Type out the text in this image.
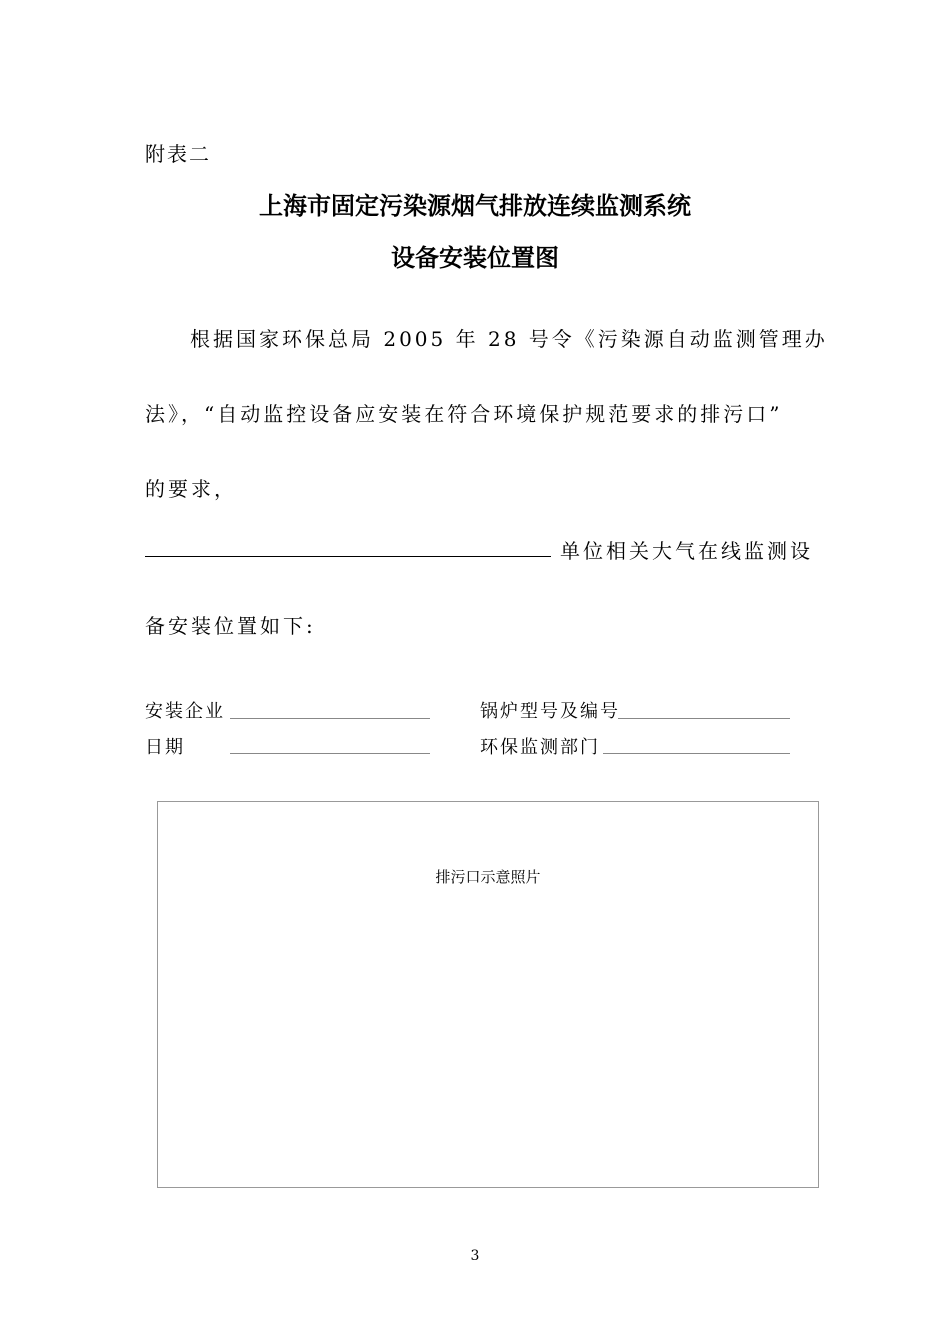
附表二
上海市固定污染源烟气排放连续监测系统
设备安装位置图
根据国家环保总局 2005 年 28 号令《污染源自动监测管理办
法》，“自动监控设备应安装在符合环境保护规范要求的排污口”
的要求，
单位相关大气在线监测设
备安装位置如下:
安装企业	锅炉型号及编号
日期	环保监测部门
排污口示意照片
3
